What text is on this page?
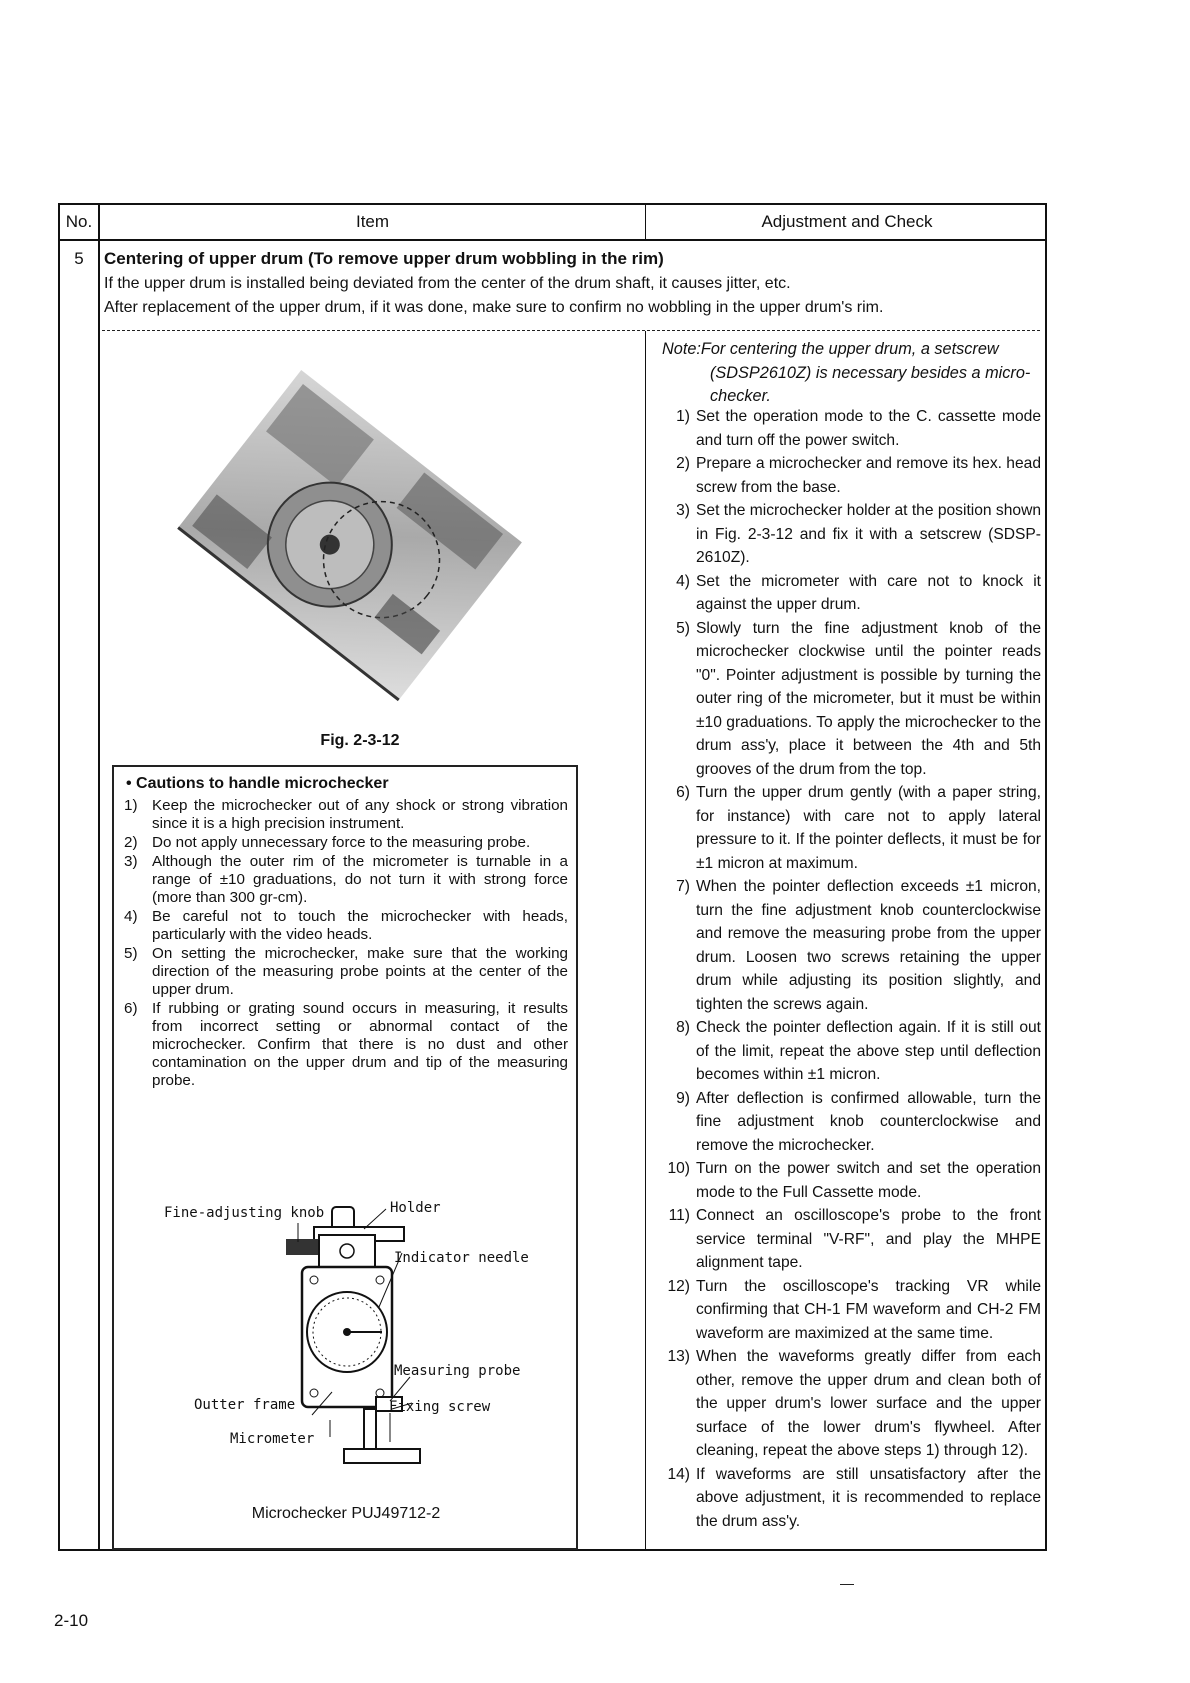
No.	Item	Adjustment and Check
5	Centering of upper drum (To remove upper drum wobbling in the rim)
If the upper drum is installed being deviated from the center of the drum shaft, it causes jitter, etc.
After replacement of the upper drum, if it was done, make sure to confirm no wobbling in the upper drum's rim.
Fig. 2-3-12
• Cautions to handle microchecker
1) Keep the microchecker out of any shock or strong vibration since it is a high precision instrument.
2) Do not apply unnecessary force to the measuring probe.
3) Although the outer rim of the micrometer is turnable in a range of ±10 graduations, do not turn it with strong force (more than 300 gr-cm).
4) Be careful not to touch the microchecker with heads, particularly with the video heads.
5) On setting the microchecker, make sure that the working direction of the measuring probe points at the center of the upper drum.
6) If rubbing or grating sound occurs in measuring, it results from incorrect setting or abnormal contact of the microchecker. Confirm that there is no dust and other contamination on the upper drum and tip of the measuring probe.
Fine-adjusting knob	Holder
Indicator needle
Measuring probe
Outter frame	Fixing screw
Micrometer
Microchecker PUJ49712-2
Note:For centering the upper drum, a setscrew
(SDSP2610Z) is necessary besides a micro-
checker.
1) Set the operation mode to the C. cassette mode and turn off the power switch.
2) Prepare a microchecker and remove its hex. head screw from the base.
3) Set the microchecker holder at the position shown in Fig. 2-3-12 and fix it with a setscrew (SDSP-2610Z).
4) Set the micrometer with care not to knock it against the upper drum.
5) Slowly turn the fine adjustment knob of the microchecker clockwise until the pointer reads "0". Pointer adjustment is possible by turning the outer ring of the micrometer, but it must be within ±10 graduations. To apply the microchecker to the drum ass'y, place it between the 4th and 5th grooves of the drum from the top.
6) Turn the upper drum gently (with a paper string, for instance) with care not to apply lateral pressure to it. If the pointer deflects, it must be for ±1 micron at maximum.
7) When the pointer deflection exceeds ±1 micron, turn the fine adjustment knob counterclockwise and remove the measuring probe from the upper drum. Loosen two screws retaining the upper drum while adjusting its position slightly, and tighten the screws again.
8) Check the pointer deflection again. If it is still out of the limit, repeat the above step until deflection becomes within ±1 micron.
9) After deflection is confirmed allowable, turn the fine adjustment knob counterclockwise and remove the microchecker.
10) Turn on the power switch and set the operation mode to the Full Cassette mode.
11) Connect an oscilloscope's probe to the front service terminal "V-RF", and play the MHPE alignment tape.
12) Turn the oscilloscope's tracking VR while confirming that CH-1 FM waveform and CH-2 FM waveform are maximized at the same time.
13) When the waveforms greatly differ from each other, remove the upper drum and clean both of the upper drum's lower surface and the upper surface of the lower drum's flywheel. After cleaning, repeat the above steps 1) through 12).
14) If waveforms are still unsatisfactory after the above adjustment, it is recommended to replace the drum ass'y.
2-10
